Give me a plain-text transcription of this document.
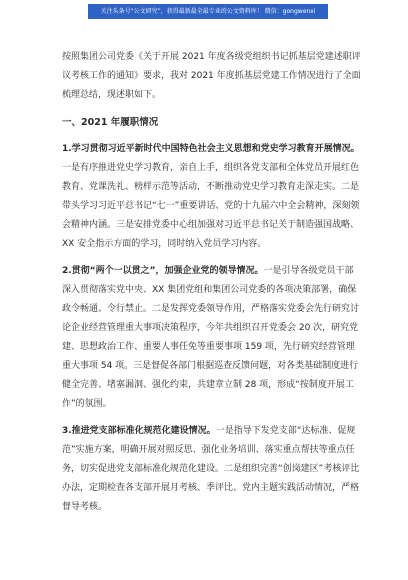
关注头条号“公文研究”，获得最新最全最专业的公文资料库！ 微信：gongwenxi

按照集团公司党委《关于开展 2021 年度各级党组织书记抓基层党建述职评议考核工作的通知》要求，我对 2021 年度抓基层党建工作情况进行了全面梳理总结，现述职如下。

一、2021 年履职情况

1.学习贯彻习近平新时代中国特色社会主义思想和党史学习教育开展情况。一是有序推进党史学习教育，亲自上手，组织各党支部和全体党员开展红色教育、党课洗礼、榜样示范等活动，不断推动党史学习教育走深走实。二是带头学习习近平总书记“七一”重要讲话、党的十九届六中全会精神，深刻领会精神内涵。三是安排党委中心组加强对习近平总书记关于制造强国战略、XX 安全指示方面的学习，同时纳入党员学习内容。

2.贯彻“两个一以贯之”，加强企业党的领导情况。一是引导各级党员干部深入贯彻落实党中央、XX 集团党组和集团公司党委的各项决策部署，确保政令畅通、令行禁止。二是发挥党委领导作用，严格落实党委会先行研究讨论企业经营管理重大事项决策程序，今年共组织召开党委会 20 次，研究党建、思想政治工作、重要人事任免等重要事项 159 项，先行研究经营管理重大事项 54 项。三是督促各部门根据巡查反馈问题，对各类基础制度进行健全完善、堵塞漏洞、强化约束，共建章立制 28 项，形成“按制度开展工作”的氛围。

3.推进党支部标准化规范化建设情况。一是指导下发党支部“达标准、促规范”实施方案，明确开展对照反思、强化业务培训、落实重点帮扶等重点任务，切实促进党支部标准化规范化建设。二是组织完善“创岗建区”考核评比办法，定期检查各支部开展月考核、季评比、党内主题实践活动情况，严格督导考核。
